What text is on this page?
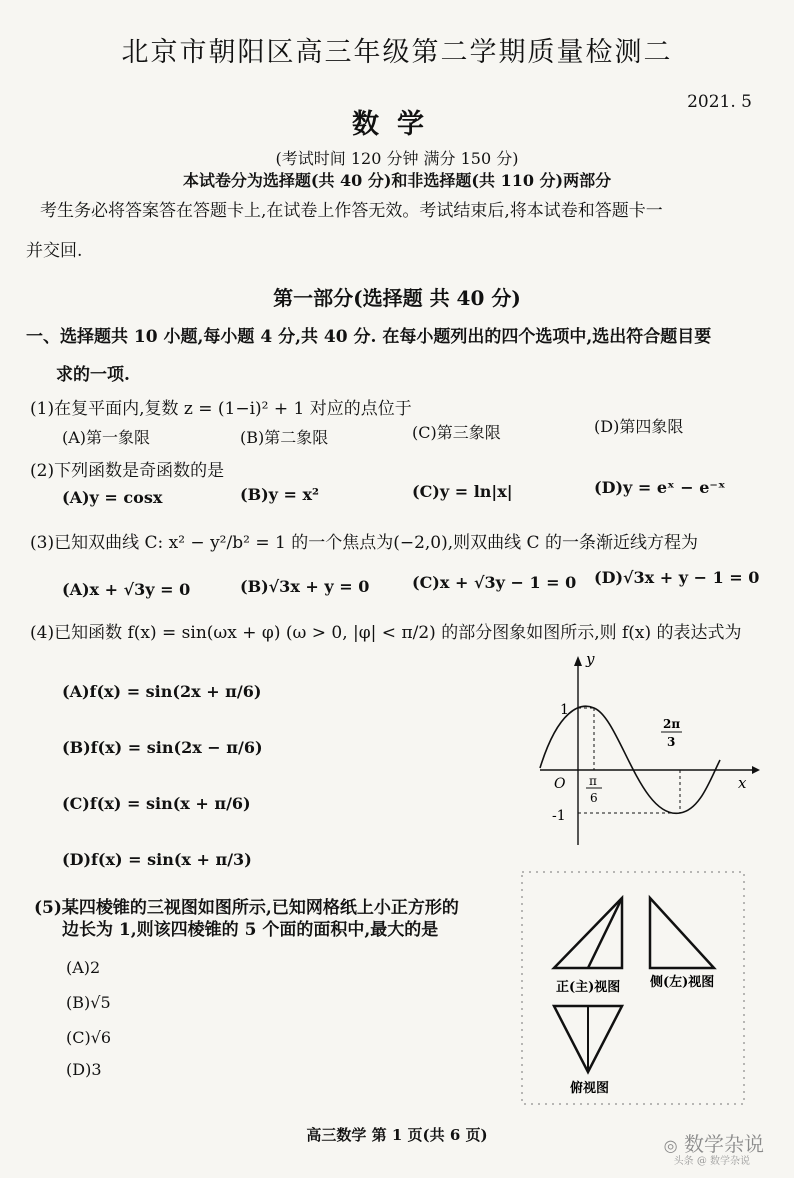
北京市朝阳区高三年级第二学期质量检测二
2021. 5
数学
(考试时间 120 分钟 满分 150 分)
本试卷分为选择题(共 40 分)和非选择题(共 110 分)两部分
考生务必将答案答在答题卡上,在试卷上作答无效。考试结束后,将本试卷和答题卡一
并交回.
第一部分(选择题 共 40 分)
一、选择题共 10 小题,每小题 4 分,共 40 分. 在每小题列出的四个选项中,选出符合题目要
求的一项.
(1)在复平面内,复数 z = (1−i)² + 1 对应的点位于
(A)第一象限	(B)第二象限	(C)第三象限	(D)第四象限
(2)下列函数是奇函数的是
(A)y = cosx	(B)y = x²	(C)y = ln|x|	(D)y = eˣ − e⁻ˣ
(3)已知双曲线 C: x² − y²/b² = 1 的一个焦点为(−2,0),则双曲线 C 的一条渐近线方程为
(A)x + √3y = 0	(B)√3x + y = 0	(C)x + √3y − 1 = 0 (D)√3x + y − 1 = 0
(4)已知函数 f(x) = sin(ωx + φ) (ω > 0, |φ| < π/2) 的部分图象如图所示,则 f(x) 的表达式为
(A)f(x) = sin(2x + π/6)
(B)f(x) = sin(2x − π/6)
(C)f(x) = sin(x + π/6)
(D)f(x) = sin(x + π/3)
y
x
O
1
-1
π
6
2π
3
(5)某四棱锥的三视图如图所示,已知网格纸上小正方形的
边长为 1,则该四棱锥的 5 个面的面积中,最大的是
(A)2
(B)√5
(C)√6
(D)3
正(主)视图 侧(左)视图
俯视图
高三数学 第 1 页(共 6 页)
◎ 数学杂说
头条 @ 数学杂说
